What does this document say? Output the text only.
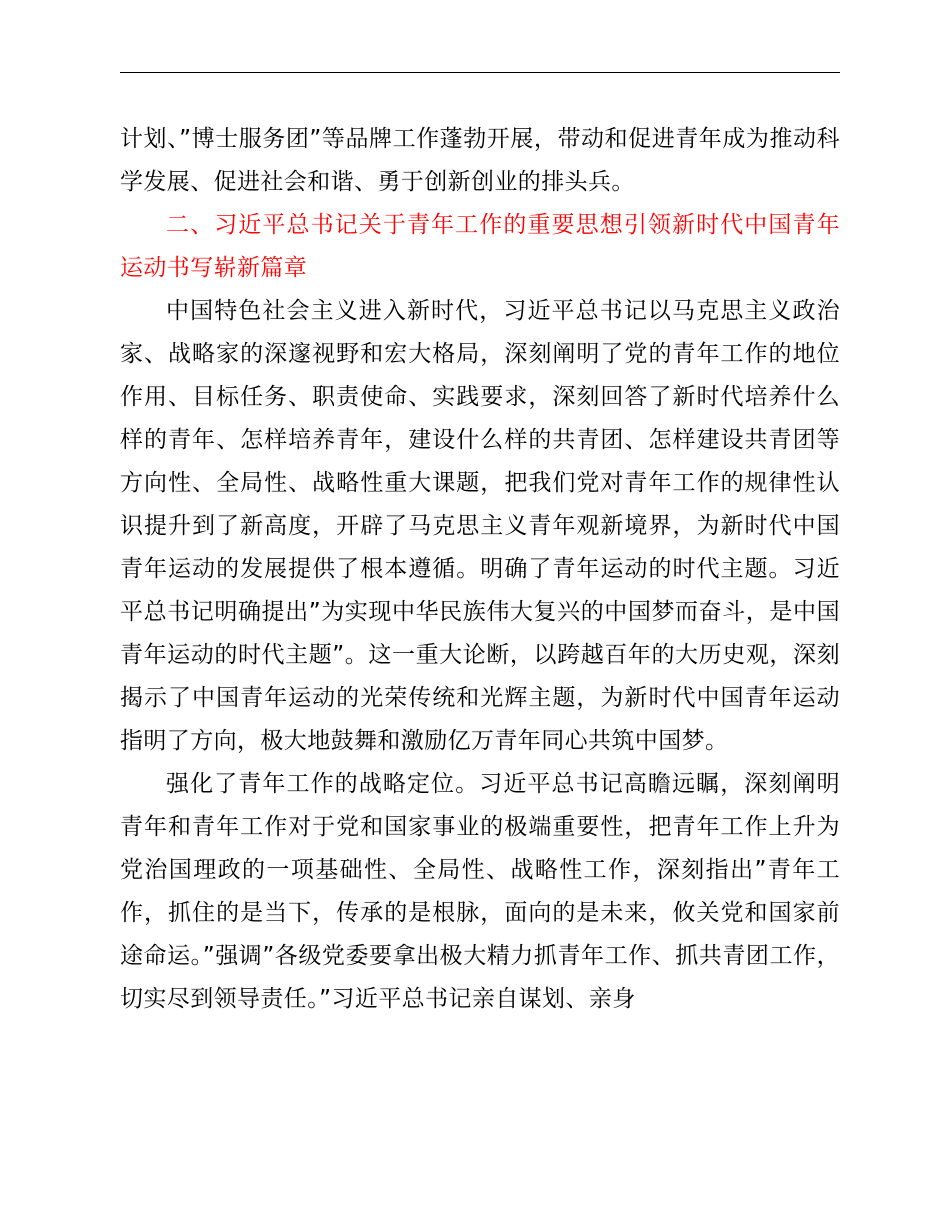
计划、”博士服务团”等品牌工作蓬勃开展，带动和促进青年成为推动科学发展、促进社会和谐、勇于创新创业的排头兵。

二、习近平总书记关于青年工作的重要思想引领新时代中国青年运动书写崭新篇章

中国特色社会主义进入新时代，习近平总书记以马克思主义政治家、战略家的深邃视野和宏大格局，深刻阐明了党的青年工作的地位作用、目标任务、职责使命、实践要求，深刻回答了新时代培养什么样的青年、怎样培养青年，建设什么样的共青团、怎样建设共青团等方向性、全局性、战略性重大课题，把我们党对青年工作的规律性认识提升到了新高度，开辟了马克思主义青年观新境界，为新时代中国青年运动的发展提供了根本遵循。明确了青年运动的时代主题。习近平总书记明确提出”为实现中华民族伟大复兴的中国梦而奋斗，是中国青年运动的时代主题”。这一重大论断，以跨越百年的大历史观，深刻揭示了中国青年运动的光荣传统和光辉主题，为新时代中国青年运动指明了方向，极大地鼓舞和激励亿万青年同心共筑中国梦。

强化了青年工作的战略定位。习近平总书记高瞻远瞩，深刻阐明青年和青年工作对于党和国家事业的极端重要性，把青年工作上升为党治国理政的一项基础性、全局性、战略性工作，深刻指出”青年工作，抓住的是当下，传承的是根脉，面向的是未来，攸关党和国家前途命运。”强调”各级党委要拿出极大精力抓青年工作、抓共青团工作，切实尽到领导责任。”习近平总书记亲自谋划、亲身
